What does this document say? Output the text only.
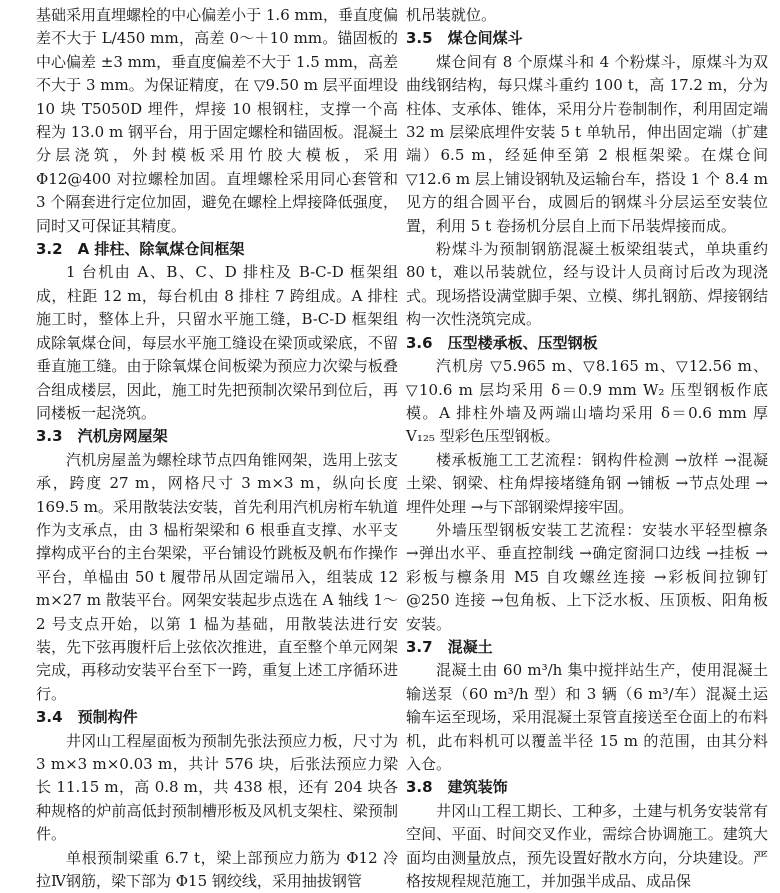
基础采用直埋螺栓的中心偏差小于 1.6 mm，垂直度偏差不大于 L/450 mm，高差 0～＋10 mm。锚固板的中心偏差 ±3 mm，垂直度偏差不大于 1.5 mm，高差不大于 3 mm。为保证精度，在 ▽9.50 m 层平面埋设 10 块 T5050D 埋件，焊接 10 根钢柱，支撑一个高程为 13.0 m 钢平台，用于固定螺栓和锚固板。混凝土分层浇筑，外封模板采用竹胶大模板，采用 Φ12@400 对拉螺栓加固。直埋螺栓采用同心套管和 3 个隔套进行定位加固，避免在螺栓上焊接降低强度，同时又可保证其精度。

3.2　A 排柱、除氧煤仓间框架

1 台机由 A、B、C、D 排柱及 B-C-D 框架组成，柱距 12 m，每台机由 8 排柱 7 跨组成。A 排柱施工时，整体上升，只留水平施工缝，B-C-D 框架组成除氧煤仓间，每层水平施工缝设在梁顶或梁底，不留垂直施工缝。由于除氧煤仓间板梁为预应力次梁与板叠合组成楼层，因此，施工时先把预制次梁吊到位后，再同楼板一起浇筑。

3.3　汽机房网屋架

汽机房屋盖为螺栓球节点四角锥网架，选用上弦支承，跨度 27 m，网格尺寸 3 m×3 m，纵向长度 169.5 m。采用散装法安装，首先利用汽机房桁车轨道作为支承点，由 3 榀桁架梁和 6 根垂直支撑、水平支撑构成平台的主台架梁，平台铺设竹跳板及帆布作操作平台，单榀由 50 t 履带吊从固定端吊入，组装成 12 m×27 m 散装平台。网架安装起步点选在 A 轴线 1～2 号支点开始，以第 1 榀为基础，用散装法进行安装，先下弦再腹杆后上弦依次推进，直至整个单元网架完成，再移动安装平台至下一跨，重复上述工序循环进行。

3.4　预制构件

井冈山工程屋面板为预制先张法预应力板，尺寸为 3 m×3 m×0.03 m，共计 576 块，后张法预应力梁长 11.15 m，高 0.8 m，共 438 根，还有 204 块各种规格的炉前高低封预制槽形板及风机支架柱、梁预制件。

单根预制梁重 6.7 t，梁上部预应力筋为 Φ12 冷拉Ⅳ钢筋，梁下部为 Φ15 钢绞线，采用抽拔钢管

机吊装就位。

3.5　煤仓间煤斗

煤仓间有 8 个原煤斗和 4 个粉煤斗，原煤斗为双曲线钢结构，每只煤斗重约 100 t，高 17.2 m，分为柱体、支承体、锥体，采用分片卷制制作，利用固定端 32 m 层梁底埋件安装 5 t 单轨吊，伸出固定端（扩建端）6.5 m，经延伸至第 2 根框架梁。在煤仓间 ▽12.6 m 层上铺设钢轨及运输台车，搭设 1 个 8.4 m 见方的组合圆平台，成圆后的钢煤斗分层运至安装位置，利用 5 t 卷扬机分层自上而下吊装焊接而成。

粉煤斗为预制钢筋混凝土板梁组装式，单块重约 80 t，难以吊装就位，经与设计人员商讨后改为现浇式。现场搭设满堂脚手架、立模、绑扎钢筋、焊接钢结构一次性浇筑完成。

3.6　压型楼承板、压型钢板

汽机房 ▽5.965 m、▽8.165 m、▽12.56 m、▽10.6 m 层均采用 δ＝0.9 mm W₂ 压型钢板作底模。A 排柱外墙及两端山墙均采用 δ＝0.6 mm 厚 V₁₂₅ 型彩色压型钢板。

楼承板施工工艺流程：钢构件检测 →放样 →混凝土梁、钢梁、柱角焊接堵缝角钢 →铺板 →节点处理 →埋件处理 →与下部钢梁焊接牢固。

外墙压型钢板安装工艺流程：安装水平轻型檩条 →弹出水平、垂直控制线 →确定窗洞口边线 →挂板 →彩板与檩条用 M5 自攻螺丝连接 →彩板间拉铆钉 @250 连接 →包角板、上下泛水板、压顶板、阳角板安装。

3.7　混凝土

混凝土由 60 m³/h 集中搅拌站生产，使用混凝土输送泵（60 m³/h 型）和 3 辆（6 m³/车）混凝土运输车运至现场，采用混凝土泵管直接送至仓面上的布料机，此布料机可以覆盖半径 15 m 的范围，由其分料入仓。

3.8　建筑装饰

井冈山工程工期长、工种多，土建与机务安装常有空间、平面、时间交叉作业，需综合协调施工。建筑大面均由测量放点，预先设置好散水方向，分块建设。严格按规程规范施工，并加强半成品、成品保
